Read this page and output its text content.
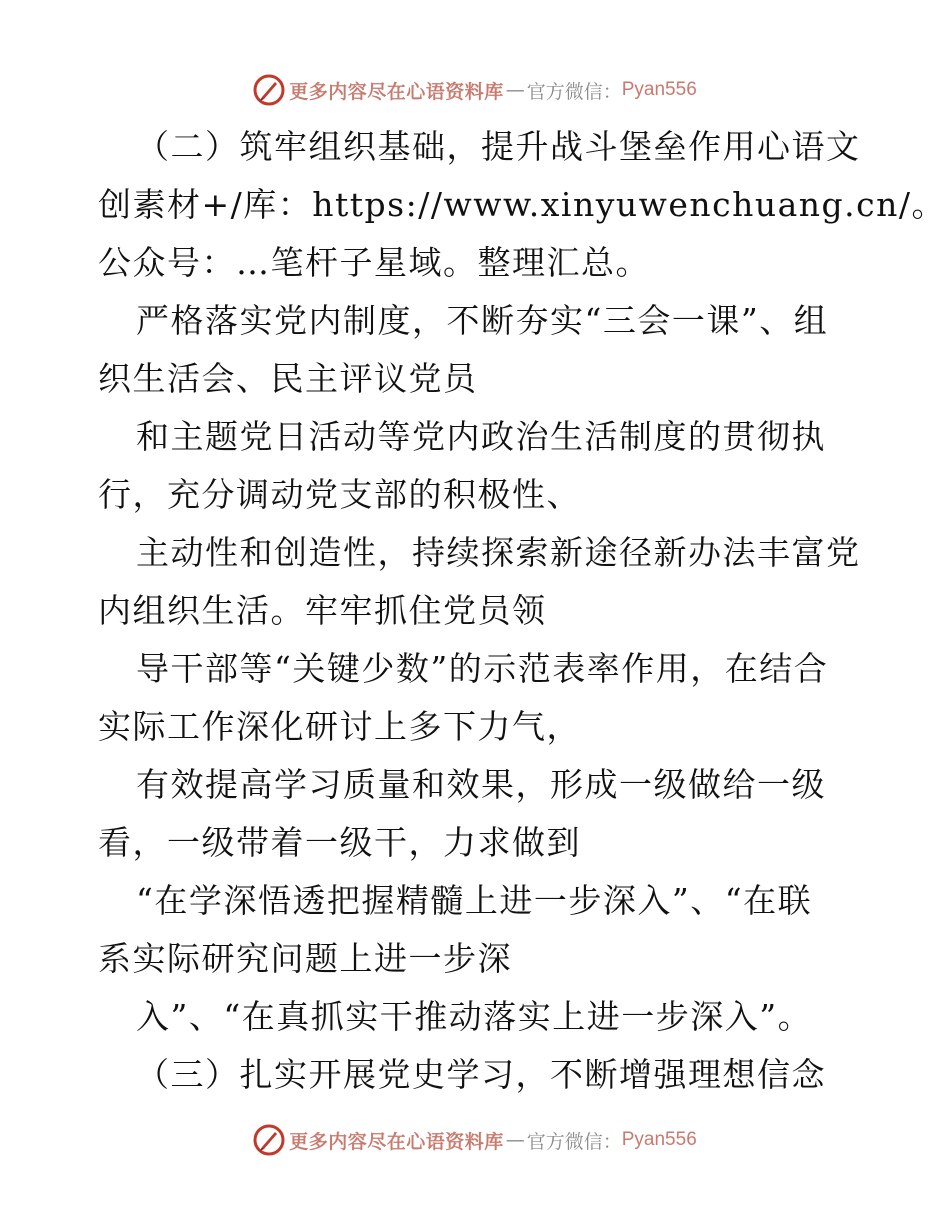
更多内容尽在心语资料库 — 官方微信： Pyan556
（二）筑牢组织基础，提升战斗堡垒作用心语文
创素材+/库：https://www.xinyuwenchuang.cn/。
公众号：…笔杆子星域。整理汇总。
严格落实党内制度，不断夯实“三会一课”、组
织生活会、民主评议党员
和主题党日活动等党内政治生活制度的贯彻执
行，充分调动党支部的积极性、
主动性和创造性，持续探索新途径新办法丰富党
内组织生活。牢牢抓住党员领
导干部等“关键少数”的示范表率作用，在结合
实际工作深化研讨上多下力气，
有效提高学习质量和效果，形成一级做给一级
看，一级带着一级干，力求做到
“在学深悟透把握精髓上进一步深入”、“在联
系实际研究问题上进一步深
入”、“在真抓实干推动落实上进一步深入”。
（三）扎实开展党史学习，不断增强理想信念
更多内容尽在心语资料库 — 官方微信： Pyan556
